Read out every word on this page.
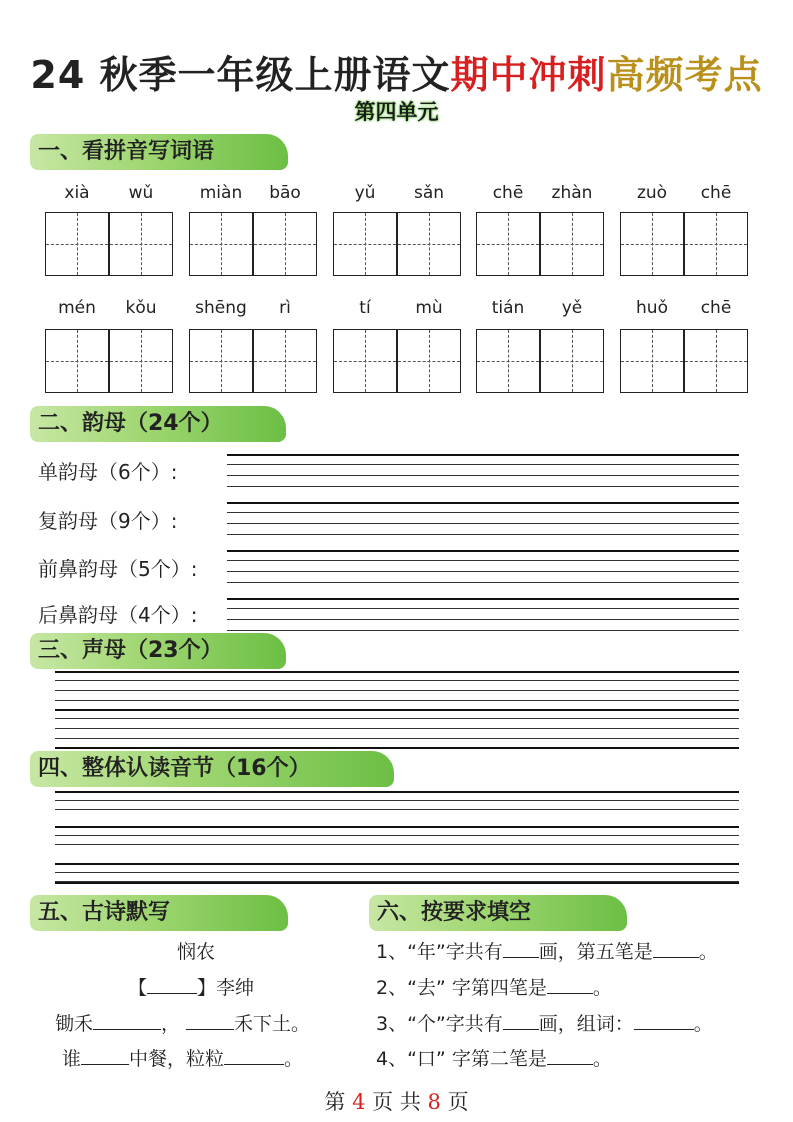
24 秋季一年级上册语文期中冲刺高频考点
第四单元
一、看拼音写词语
xià	wǔ	miàn	bāo	yǔ	sǎn	chē	zhàn	zuò	chē
mén	kǒu	shēng	rì	tí	mù	tián	yě	huǒ	chē
二、韵母（24个）
单韵母（6个）:
复韵母（9个）:
前鼻韵母（5个）:
后鼻韵母（4个）:
三、声母（23个）
四、整体认读音节（16个）
五、古诗默写
悯农
【	】李绅
锄禾	，	禾下土。
谁	中餐，粒粒	。
六、按要求填空
1、“年”字共有 画，第五笔是 。
2、“去” 字第四笔是 。
3、“个”字共有 画，组词：	。
4、“口” 字第二笔是 。
第 4 页 共 8 页
